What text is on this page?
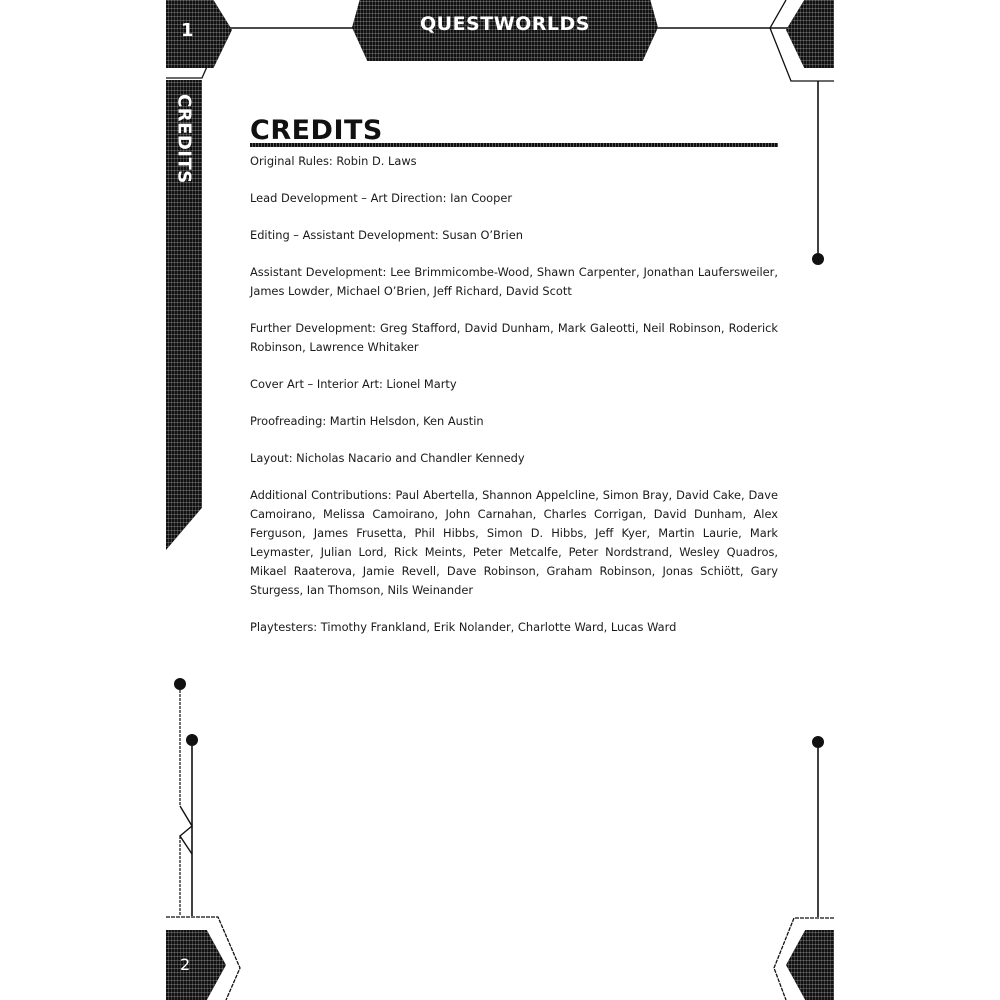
1	QUESTWORLDS
CREDITS
2
CREDITS

Original Rules: Robin D. Laws

Lead Development – Art Direction: Ian Cooper

Editing – Assistant Development: Susan O’Brien

Assistant Development: Lee Brimmicombe-Wood, Shawn Carpenter, Jonathan Laufersweiler, James Lowder, Michael O’Brien, Jeff Richard, David Scott

Further Development: Greg Stafford, David Dunham, Mark Galeotti, Neil Robinson, Roderick Robinson, Lawrence Whitaker

Cover Art – Interior Art: Lionel Marty

Proofreading: Martin Helsdon, Ken Austin

Layout: Nicholas Nacario and Chandler Kennedy

Additional Contributions: Paul Abertella, Shannon Appelcline, Simon Bray, David Cake, Dave Camoirano, Melissa Camoirano, John Carnahan, Charles Corrigan, David Dunham, Alex Ferguson, James Frusetta, Phil Hibbs, Simon D. Hibbs, Jeff Kyer, Martin Laurie, Mark Leymaster, Julian Lord, Rick Meints, Peter Metcalfe, Peter Nordstrand, Wesley Quadros, Mikael Raaterova, Jamie Revell, Dave Robinson, Graham Robinson, Jonas Schiött, Gary Sturgess, Ian Thomson, Nils Weinander

Playtesters: Timothy Frankland, Erik Nolander, Charlotte Ward, Lucas Ward
